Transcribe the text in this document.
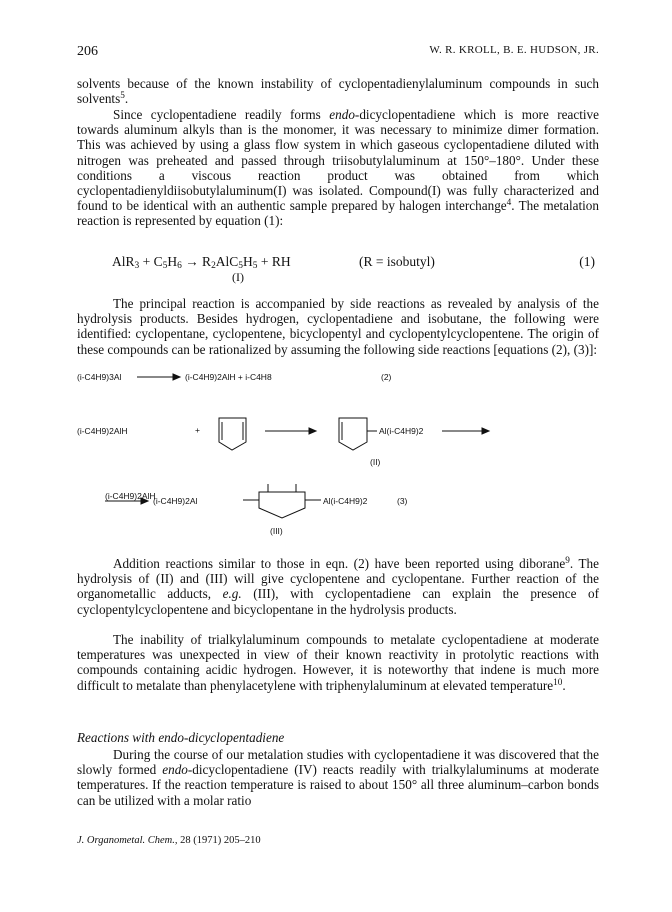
206	W. R. KROLL, B. E. HUDSON, JR.
solvents because of the known instability of cyclopentadienylaluminum compounds in such solvents$^5$.
Since cyclopentadiene readily forms endo-dicyclopentadiene which is more reactive towards aluminum alkyls than is the monomer, it was necessary to minimize dimer formation. This was achieved by using a glass flow system in which gaseous cyclopentadiene diluted with nitrogen was preheated and passed through triisobutylaluminum at 150°–180°. Under these conditions a viscous reaction product was obtained from which cyclopentadienyldiisobutylaluminum(I) was isolated. Compound(I) was fully characterized and found to be identical with an authentic sample prepared by halogen interchange$^4$. The metalation reaction is represented by equation (1):
$AlR_3 + C_5H_6 \to R_2AlC_5H_5$ + RH
(I)
(R = isobutyl)	(1)
The principal reaction is accompanied by side reactions as revealed by analysis of the hydrolysis products. Besides hydrogen, cyclopentadiene and isobutane, the following were identified: cyclopentane, cyclopentene, bicyclopentyl and cyclopentylcyclopentene. The origin of these compounds can be rationalized by assuming the following side reactions [equations (2), (3)]:
(i-C4H9)3Al	(i-C4H9)2AlH + i-C4H8	(2)
(i-C4H9)2AlH	+	Al(i-C4H9)2
(II)
(i-C4H9)2AlH
(i-C4H9)2Al	Al(i-C4H9)2	(3)
(III)
Addition reactions similar to those in eqn. (2) have been reported using diborane$^9$. The hydrolysis of (II) and (III) will give cyclopentene and cyclopentane. Further reaction of the organometallic adducts, e.g. (III), with cyclopentadiene can explain the presence of cyclopentylcyclopentene and bicyclopentane in the hydrolysis products.
The inability of trialkylaluminum compounds to metalate cyclopentadiene at moderate temperatures was unexpected in view of their known reactivity in protolytic reactions with compounds containing acidic hydrogen. However, it is noteworthy that indene is much more difficult to metalate than phenylacetylene with triphenylaluminum at elevated temperature$^{10}$.
Reactions with endo-dicyclopentadiene
During the course of our metalation studies with cyclopentadiene it was discovered that the slowly formed endo-dicyclopentadiene (IV) reacts readily with trialkylaluminums at moderate temperatures. If the reaction temperature is raised to about 150° all three aluminum–carbon bonds can be utilized with a molar ratio
J. Organometal. Chem., 28 (1971) 205–210
